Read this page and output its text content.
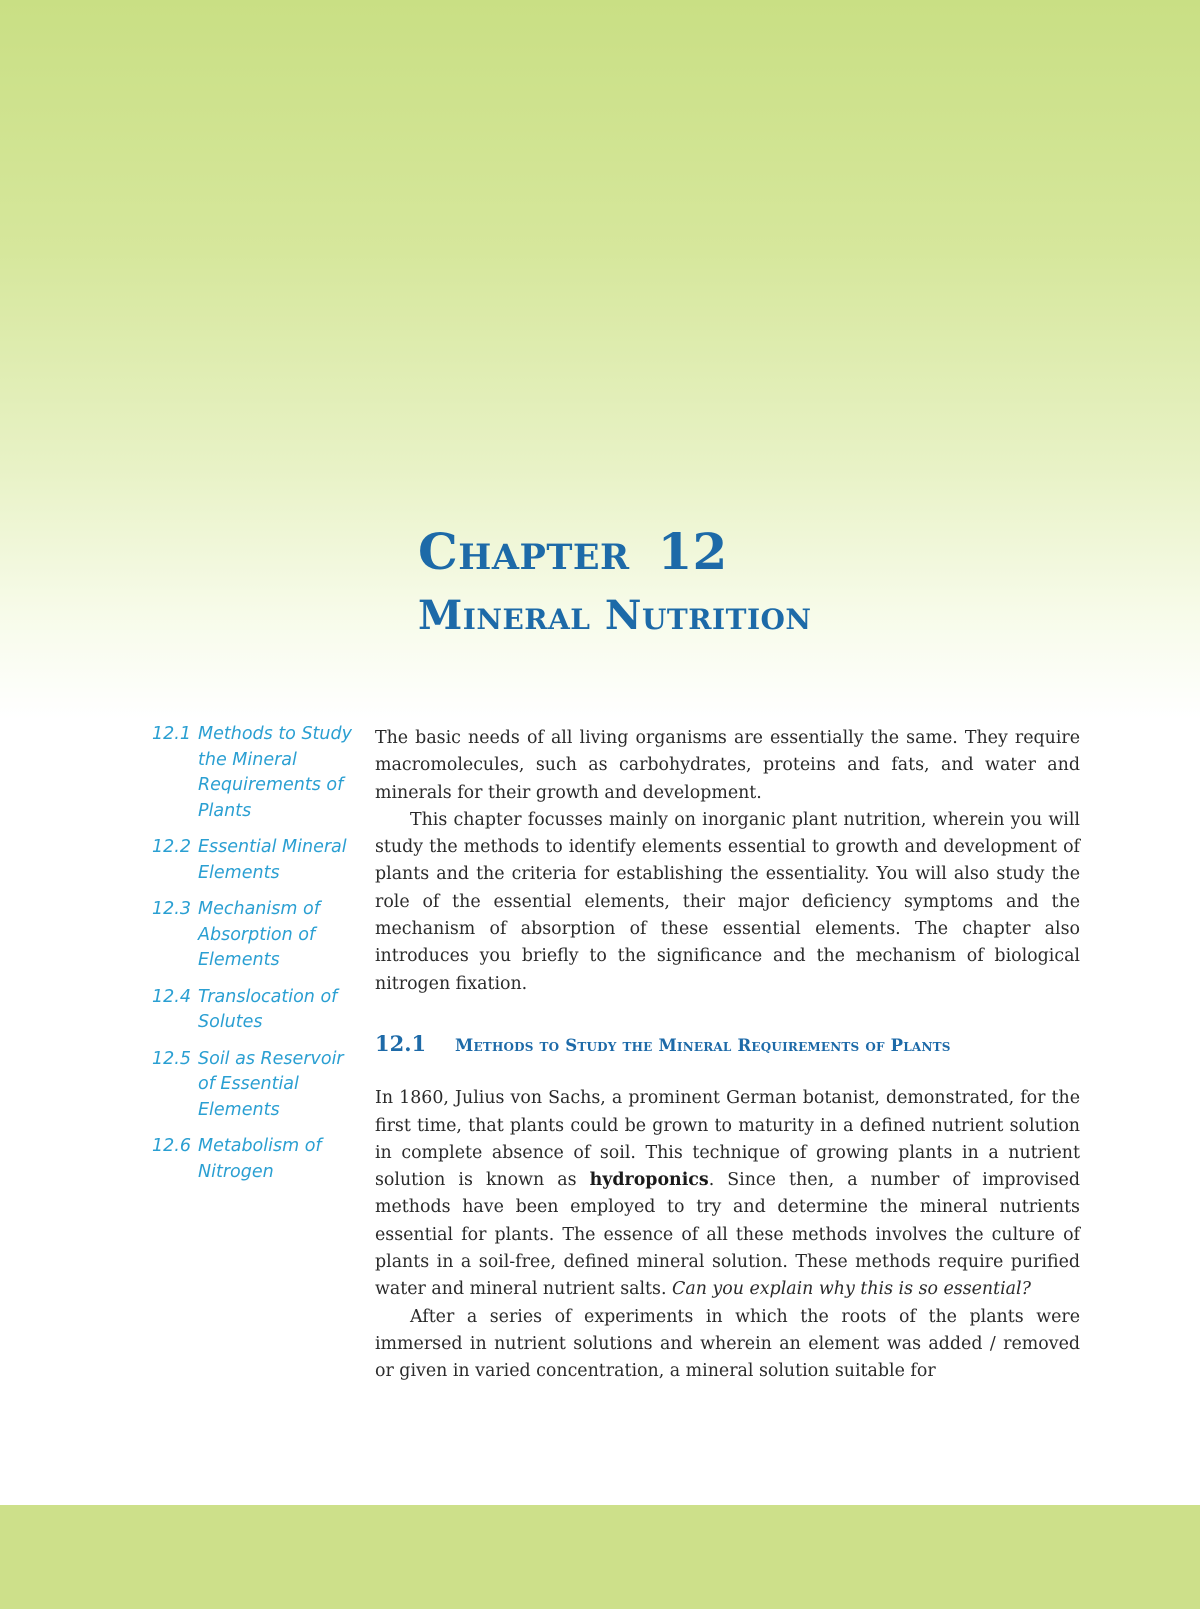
Chapter 12
Mineral Nutrition
12.1 Methods to Study the Mineral Requirements of Plants
12.2 Essential Mineral Elements
12.3 Mechanism of Absorption of Elements
12.4 Translocation of Solutes
12.5 Soil as Reservoir of Essential Elements
12.6 Metabolism of Nitrogen

The basic needs of all living organisms are essentially the same. They require macromolecules, such as carbohydrates, proteins and fats, and water and minerals for their growth and development.

This chapter focusses mainly on inorganic plant nutrition, wherein you will study the methods to identify elements essential to growth and development of plants and the criteria for establishing the essentiality. You will also study the role of the essential elements, their major deficiency symptoms and the mechanism of absorption of these essential elements. The chapter also introduces you briefly to the significance and the mechanism of biological nitrogen fixation.

12.1	Methods to Study the Mineral Requirements of Plants

In 1860, Julius von Sachs, a prominent German botanist, demonstrated, for the first time, that plants could be grown to maturity in a defined nutrient solution in complete absence of soil. This technique of growing plants in a nutrient solution is known as hydroponics. Since then, a number of improvised methods have been employed to try and determine the mineral nutrients essential for plants. The essence of all these methods involves the culture of plants in a soil-free, defined mineral solution. These methods require purified water and mineral nutrient salts. Can you explain why this is so essential?

After a series of experiments in which the roots of the plants were immersed in nutrient solutions and wherein an element was added / removed or given in varied concentration, a mineral solution suitable for
